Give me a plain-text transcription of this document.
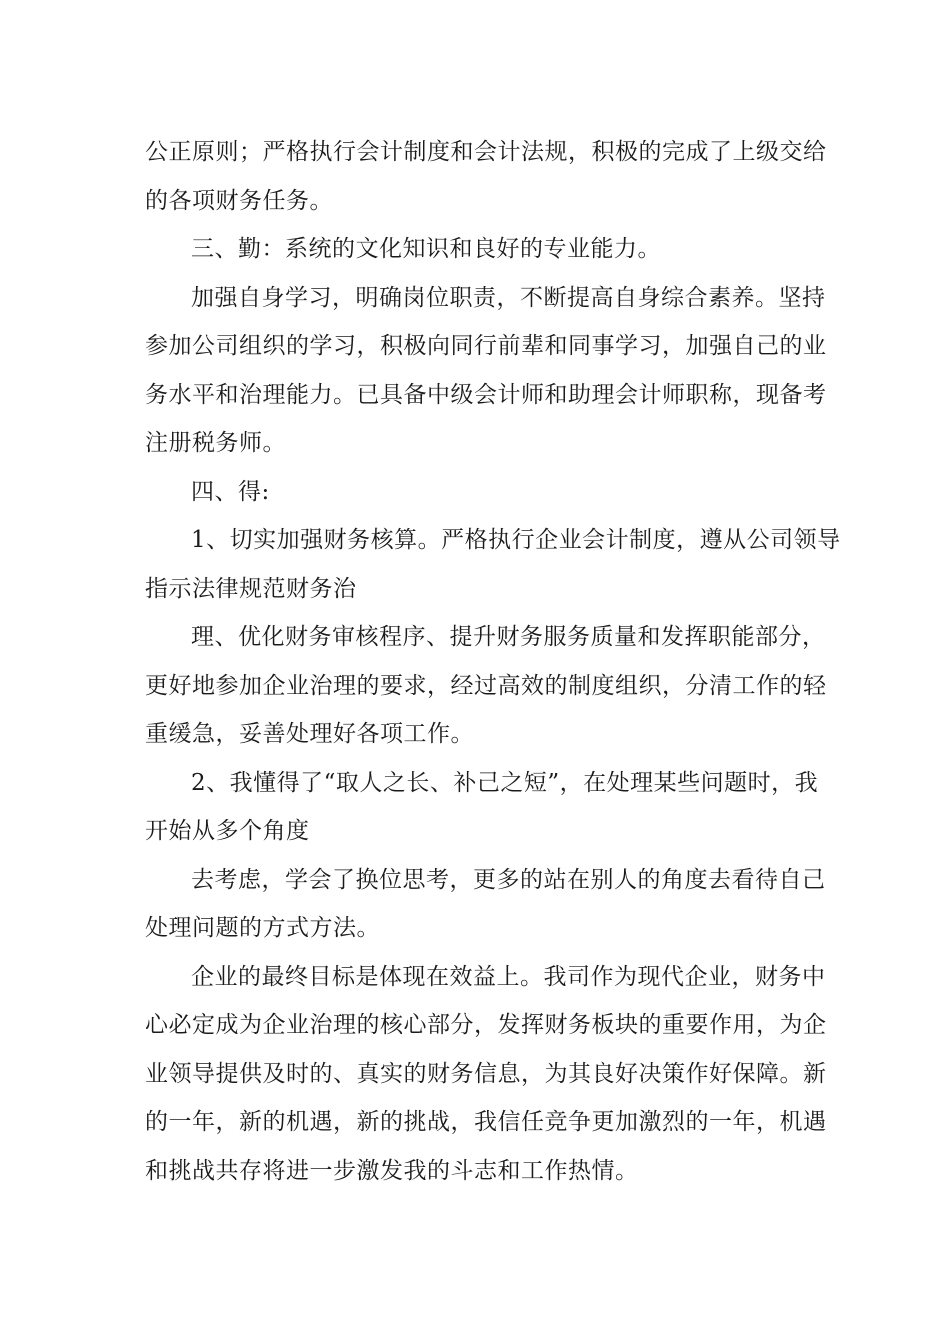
公正原则；严格执行会计制度和会计法规，积极的完成了上级交给
的各项财务任务。
三、勤：系统的文化知识和良好的专业能力。
加强自身学习，明确岗位职责，不断提高自身综合素养。坚持
参加公司组织的学习，积极向同行前辈和同事学习，加强自己的业
务水平和治理能力。已具备中级会计师和助理会计师职称，现备考
注册税务师。
四、得:
1、切实加强财务核算。严格执行企业会计制度，遵从公司领导
指示法律规范财务治
理、优化财务审核程序、提升财务服务质量和发挥职能部分，
更好地参加企业治理的要求，经过高效的制度组织，分清工作的轻
重缓急，妥善处理好各项工作。
2、我懂得了“取人之长、补己之短”，在处理某些问题时，我
开始从多个角度
去考虑，学会了换位思考，更多的站在别人的角度去看待自己
处理问题的方式方法。
企业的最终目标是体现在效益上。我司作为现代企业，财务中
心必定成为企业治理的核心部分，发挥财务板块的重要作用，为企
业领导提供及时的、真实的财务信息，为其良好决策作好保障。新
的一年，新的机遇，新的挑战，我信任竞争更加激烈的一年，机遇
和挑战共存将进一步激发我的斗志和工作热情。
